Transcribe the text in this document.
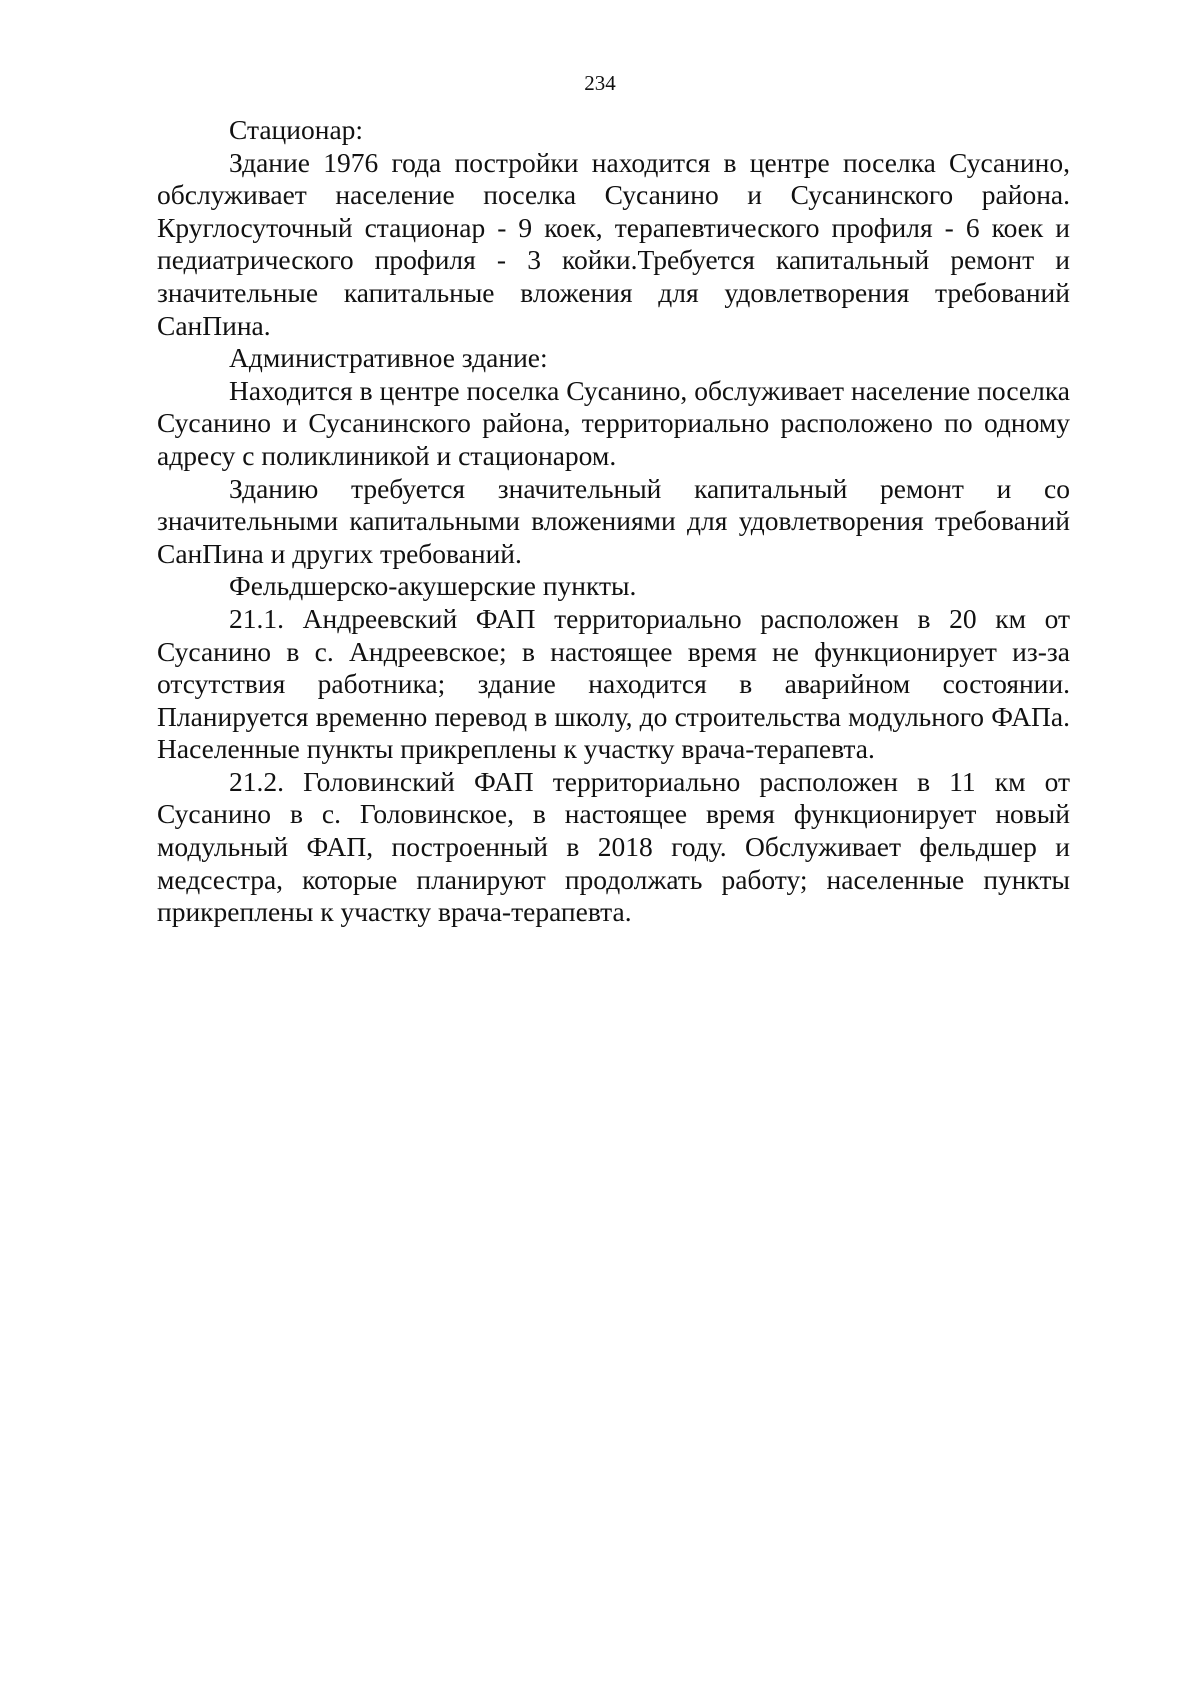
234

Стационар:

Здание 1976 года постройки находится в центре поселка Сусанино, обслуживает население поселка Сусанино и Сусанинского района. Круглосуточный стационар - 9 коек, терапевтического профиля - 6 коек и педиатрического профиля - 3 койки.Требуется капитальный ремонт и значительные капитальные вложения для удовлетворения требований СанПина.

Административное здание:

Находится в центре поселка Сусанино, обслуживает население поселка Сусанино и Сусанинского района, территориально расположено по одному адресу с поликлиникой и стационаром.

Зданию требуется значительный капитальный ремонт и со значительными капитальными вложениями для удовлетворения требований СанПина и других требований.

Фельдшерско-акушерские пункты.

21.1. Андреевский ФАП территориально расположен в 20 км от Сусанино в с. Андреевское; в настоящее время не функционирует из-за отсутствия работника; здание находится в аварийном состоянии. Планируется временно перевод в школу, до строительства модульного ФАПа. Населенные пункты прикреплены к участку врача-терапевта.

21.2. Головинский ФАП территориально расположен в 11 км от Сусанино в с. Головинское, в настоящее время функционирует новый модульный ФАП, построенный в 2018 году. Обслуживает фельдшер и медсестра, которые планируют продолжать работу; населенные пункты прикреплены к участку врача-терапевта.
